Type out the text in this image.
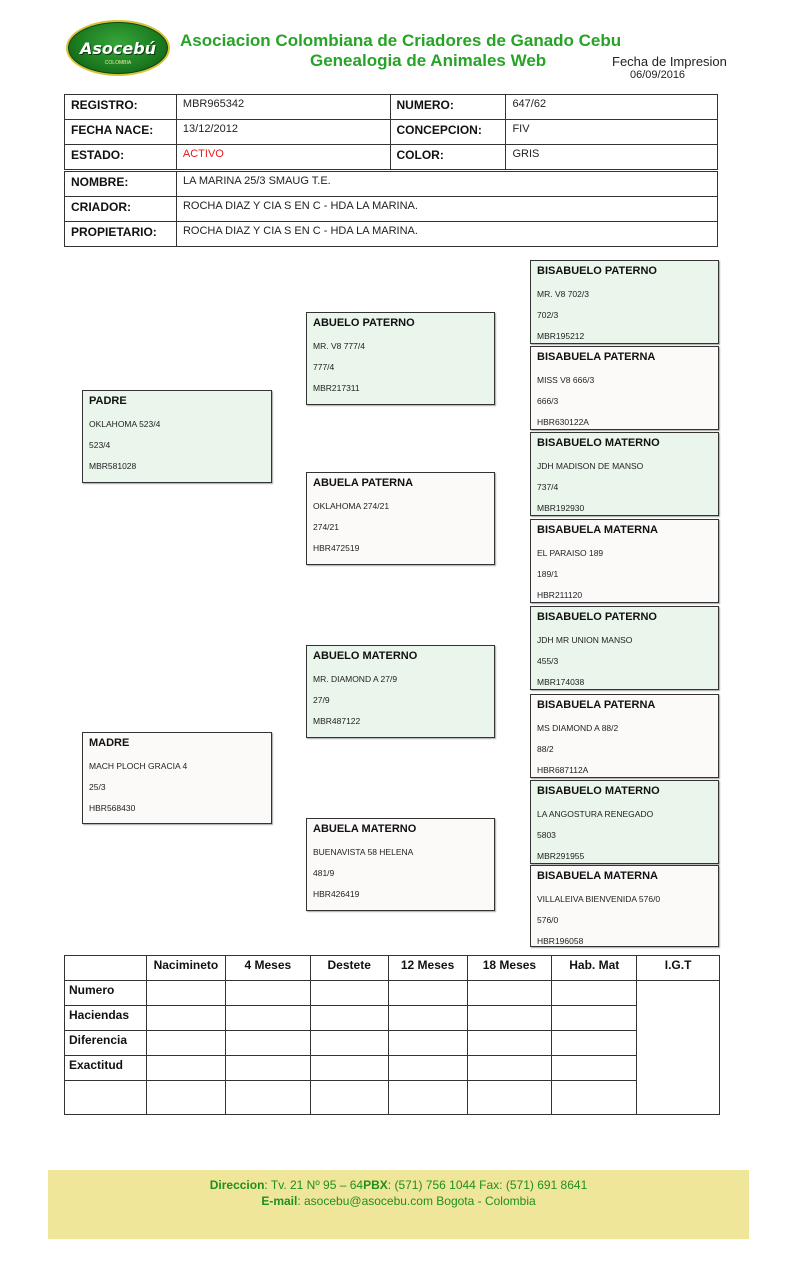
Asocebú
COLOMBIA
Asociacion Colombiana de Criadores de Ganado Cebu
Genealogia de Animales Web	Fecha de Impresion
06/09/2016
REGISTRO:	MBR965342	NUMERO:	647/62
FECHA NACE:	13/12/2012	CONCEPCION:	FIV
ESTADO:	ACTIVO	COLOR:	GRIS
NOMBRE:	LA MARINA 25/3 SMAUG T.E.
CRIADOR:	ROCHA DIAZ Y CIA S EN C - HDA LA MARINA.
PROPIETARIO:	ROCHA DIAZ Y CIA S EN C - HDA LA MARINA.
PADRE
OKLAHOMA 523/4
523/4
MBR581028
MADRE
MACH PLOCH GRACIA 4
25/3
HBR568430
ABUELO PATERNO
MR. V8 777/4
777/4
MBR217311
ABUELA PATERNA
OKLAHOMA 274/21
274/21
HBR472519
ABUELO MATERNO
MR. DIAMOND A 27/9
27/9
MBR487122
ABUELA MATERNO
BUENAVISTA 58 HELENA
481/9
HBR426419
BISABUELO PATERNO
MR. V8 702/3
702/3
MBR195212
BISABUELA PATERNA
MISS V8 666/3
666/3
HBR630122A
BISABUELO MATERNO
JDH MADISON DE MANSO
737/4
MBR192930
BISABUELA MATERNA
EL PARAISO 189
189/1
HBR211120
BISABUELO PATERNO
JDH MR UNION MANSO
455/3
MBR174038
BISABUELA PATERNA
MS DIAMOND A 88/2
88/2
HBR687112A
BISABUELO MATERNO
LA ANGOSTURA RENEGADO
5803
MBR291955
BISABUELA MATERNA
VILLALEIVA BIENVENIDA 576/0
576/0
HBR196058
	Nacimineto	4 Meses	Destete	12 Meses	18 Meses	Hab. Mat	I.G.T
Numero							
Haciendas							
Diferencia							
Exactitud							

Direccion: Tv. 21 Nº 95 – 64PBX: (571) 756 1044 Fax: (571) 691 8641
E-mail: asocebu@asocebu.com Bogota - Colombia
